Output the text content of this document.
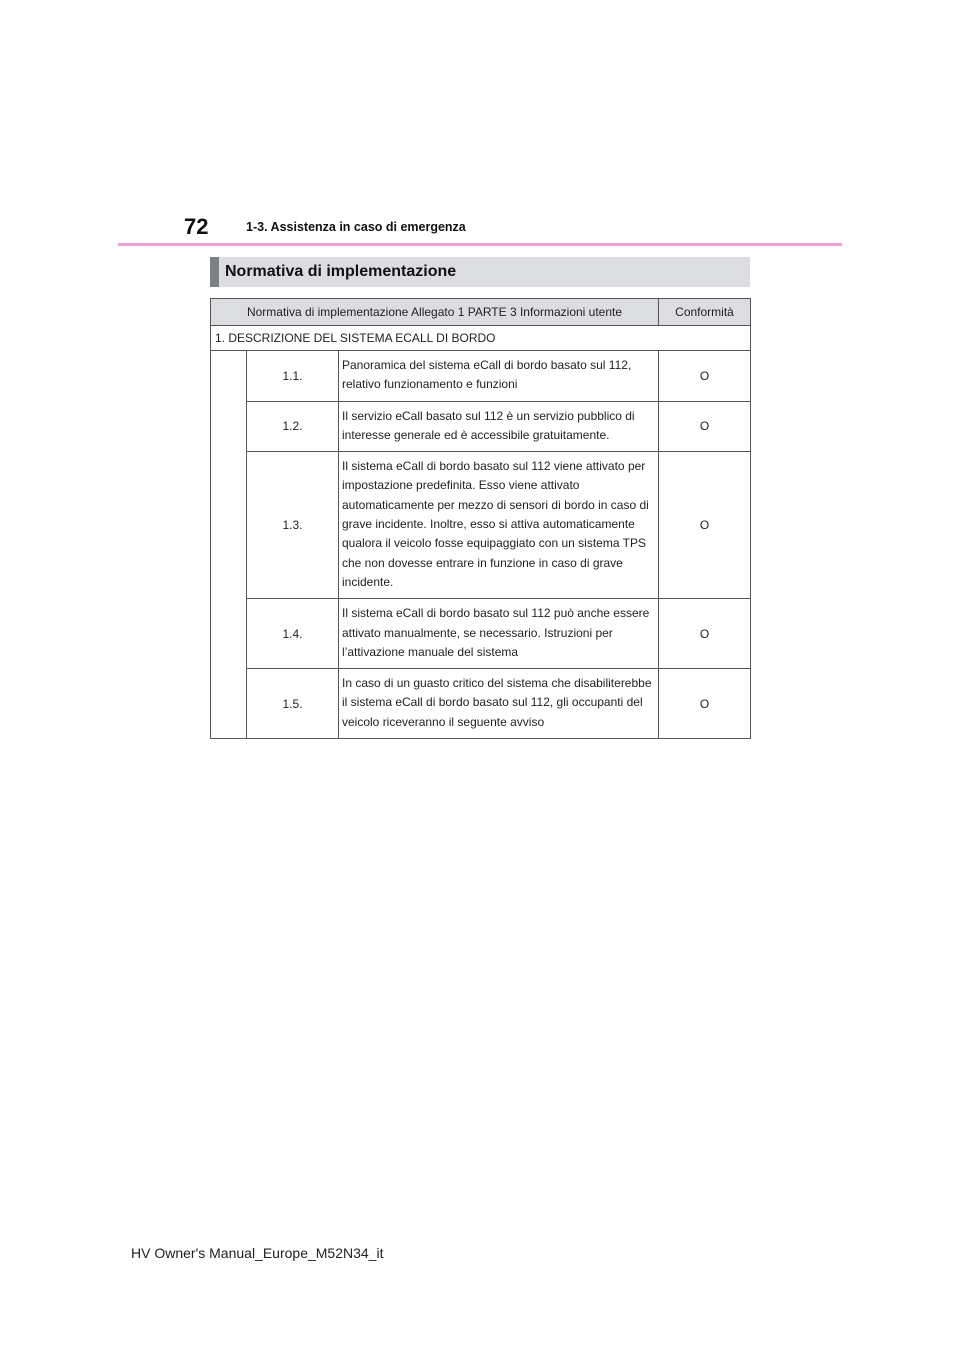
72	1-3. Assistenza in caso di emergenza
Normativa di implementazione
Normativa di implementazione Allegato 1 PARTE 3 Informazioni utente			Conformità
1. DESCRIZIONE DEL SISTEMA ECALL DI BORDO			
	1.1.	Panoramica del sistema eCall di bordo basato sul 112, relativo funzionamento e funzioni	O
	1.2.	Il servizio eCall basato sul 112 è un servizio pubblico di interesse generale ed è accessibile gratuitamente.	O
	1.3.	Il sistema eCall di bordo basato sul 112 viene attivato per impostazione predefinita. Esso viene attivato automaticamente per mezzo di sensori di bordo in caso di grave incidente. Inoltre, esso si attiva automaticamente qualora il veicolo fosse equipaggiato con un sistema TPS che non dovesse entrare in funzione in caso di grave incidente.	O
	1.4.	Il sistema eCall di bordo basato sul 112 può anche essere attivato manualmente, se necessario. Istruzioni per l’attivazione manuale del sistema	O
	1.5.	In caso di un guasto critico del sistema che disabiliterebbe il sistema eCall di bordo basato sul 112, gli occupanti del veicolo riceveranno il seguente avviso	O
HV Owner's Manual_Europe_M52N34_it
